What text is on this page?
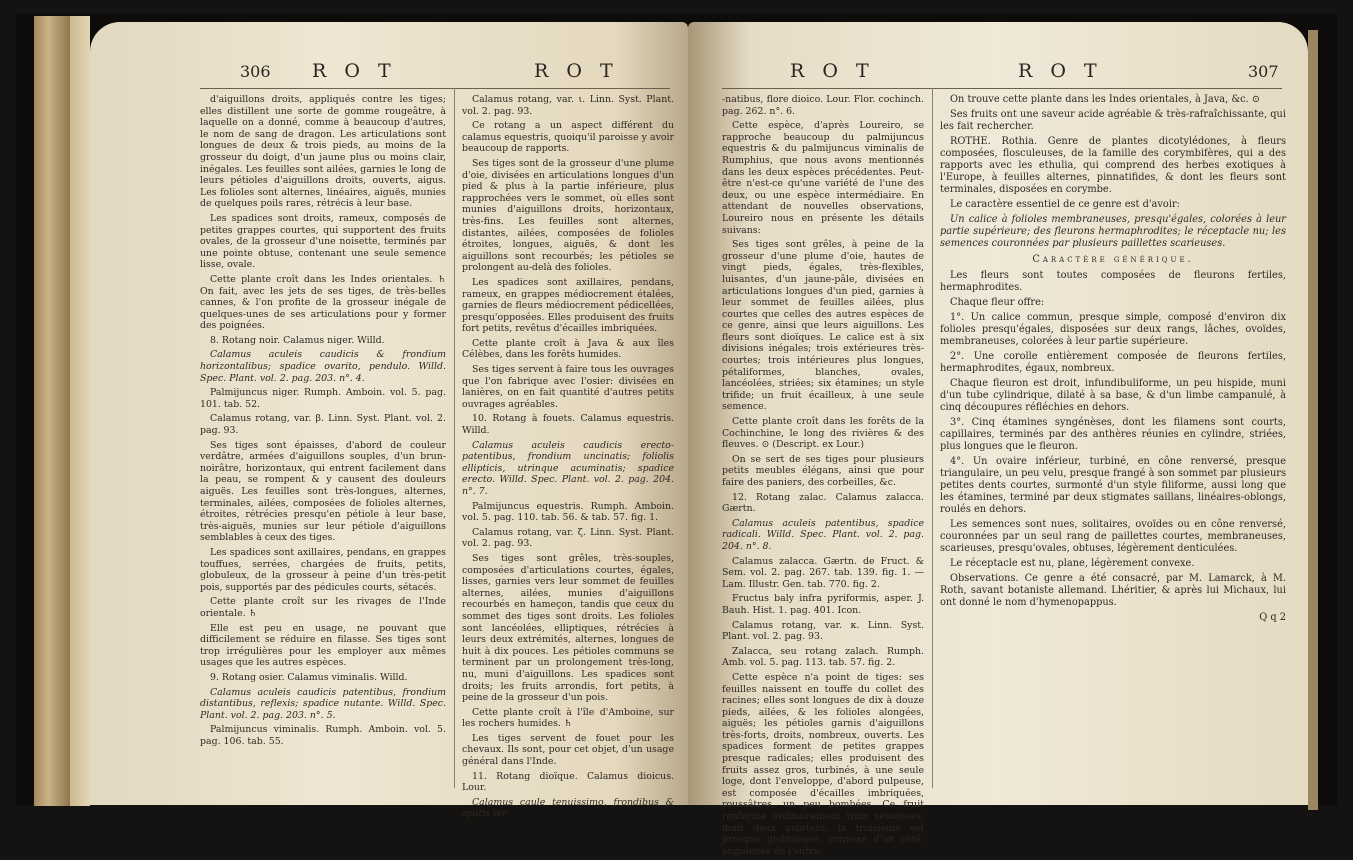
306 R O T	R O T

d'aiguillons droits, appliqués contre les tiges; elles distillent une sorte de gomme rougeâtre, à laquelle on a donné, comme à beaucoup d'autres, le nom de sang de dragon. Les articulations sont longues de deux & trois pieds, au moins de la grosseur du doigt, d'un jaune plus ou moins clair, inégales. Les feuilles sont ailées, garnies le long de leurs pétioles d'aiguillons droits, ouverts, aigus. Les folioles sont alternes, linéaires, aiguës, munies de quelques poils rares, rétrécis à leur base.

Les spadices sont droits, rameux, composés de petites grappes courtes, qui supportent des fruits ovales, de la grosseur d'une noisette, terminés par une pointe obtuse, contenant une seule semence lisse, ovale.

Cette plante croît dans les Indes orientales. ♄ On fait, avec les jets de ses tiges, de très-belles cannes, & l'on profite de la grosseur inégale de quelques-unes de ses articulations pour y former des poignées.

8. Rotang noir. Calamus niger. Willd.

Calamus aculeis caudicis & frondium horizontalibus; spadice ovarito, pendulo. Willd. Spec. Plant. vol. 2. pag. 203. n°. 4.

Palmijuncus niger. Rumph. Amboin. vol. 5. pag. 101. tab. 52.

Calamus rotang, var. β. Linn. Syst. Plant. vol. 2. pag. 93.

Ses tiges sont épaisses, d'abord de couleur verdâtre, armées d'aiguillons souples, d'un brun-noirâtre, horizontaux, qui entrent facilement dans la peau, se rompent & y causent des douleurs aiguës. Les feuilles sont très-longues, alternes, terminales, ailées, composées de folioles alternes, étroites, rétrécies presqu'en pétiole à leur base, très-aiguës, munies sur leur pétiole d'aiguillons semblables à ceux des tiges.

Les spadices sont axillaires, pendans, en grappes touffues, serrées, chargées de fruits, petits, globuleux, de la grosseur à peine d'un très-petit pois, supportés par des pédicules courts, sétacés.

Cette plante croît sur les rivages de l'Inde orientale. ♄

Elle est peu en usage, ne pouvant que difficilement se réduire en filasse. Ses tiges sont trop irrégulières pour les employer aux mêmes usages que les autres espèces.

9. Rotang osier. Calamus viminalis. Willd.

Calamus aculeis caudicis patentibus, frondium distantibus, reflexis; spadice nutante. Willd. Spec. Plant. vol. 2. pag. 203. n°. 5.

Palmijuncus viminalis. Rumph. Amboin. vol. 5. pag. 106. tab. 55.

Calamus rotang, var. ι. Linn. Syst. Plant. vol. 2. pag. 93.

Ce rotang a un aspect différent du calamus equestris, quoiqu'il paroisse y avoir beaucoup de rapports.

Ses tiges sont de la grosseur d'une plume d'oie, divisées en articulations longues d'un pied & plus à la partie inférieure, plus rapprochées vers le sommet, où elles sont munies d'aiguillons droits, horizontaux, très-fins. Les feuilles sont alternes, distantes, ailées, composées de folioles étroites, longues, aiguës, & dont les aiguillons sont recourbés; les pétioles se prolongent au-delà des folioles.

Les spadices sont axillaires, pendans, rameux, en grappes médiocrement étalées, garnies de fleurs médiocrement pédicellées, presqu'opposées. Elles produisent des fruits fort petits, revêtus d'écailles imbriquées.

Cette plante croît à Java & aux îles Célèbes, dans les forêts humides.

Ses tiges servent à faire tous les ouvrages que l'on fabrique avec l'osier: divisées en lanières, on en fait quantité d'autres petits ouvrages agréables.

10. Rotang à fouets. Calamus equestris. Willd.

Calamus aculeis caudicis erecto-patentibus, frondium uncinatis; foliolis ellipticis, utrinque acuminatis; spadice erecto. Willd. Spec. Plant. vol. 2. pag. 204. n°. 7.

Palmijuncus equestris. Rumph. Amboin. vol. 5. pag. 110. tab. 56. & tab. 57. fig. 1.

Calamus rotang, var. ζ. Linn. Syst. Plant. vol. 2. pag. 93.

Ses tiges sont grêles, très-souples, composées d'articulations courtes, égales, lisses, garnies vers leur sommet de feuilles alternes, ailées, munies d'aiguillons recourbés en hameçon, tandis que ceux du sommet des tiges sont droits. Les folioles sont lancéolées, elliptiques, rétrécies à leurs deux extrémités, alternes, longues de huit à dix pouces. Les pétioles communs se terminent par un prolongement très-long, nu, muni d'aiguillons. Les spadices sont droits; les fruits arrondis, fort petits, à peine de la grosseur d'un pois.

Cette plante croît à l'île d'Amboine, sur les rochers humides. ♄

Les tiges servent de fouet pour les chevaux. Ils sont, pour cet objet, d'un usage général dans l'Inde.

11. Rotang dioïque. Calamus dioicus. Lour.

Calamus caule tenuissimo, frondibus & spatis ter-

R O T	R O T	307

-natibus, flore dioico. Lour. Flor. cochinch. pag. 262. n°. 6.

Cette espèce, d'après Loureiro, se rapproche beaucoup du palmijuncus equestris & du palmijuncus viminalis de Rumphius, que nous avons mentionnés dans les deux espèces précédentes. Peut-être n'est-ce qu'une variété de l'une des deux, ou une espèce intermédiaire. En attendant de nouvelles observations, Loureiro nous en présente les détails suivans:

Ses tiges sont grêles, à peine de la grosseur d'une plume d'oie, hautes de vingt pieds, égales, très-flexibles, luisantes, d'un jaune-pâle, divisées en articulations longues d'un pied, garnies à leur sommet de feuilles ailées, plus courtes que celles des autres espèces de ce genre, ainsi que leurs aiguillons. Les fleurs sont dioïques. Le calice est à six divisions inégales; trois extérieures très-courtes; trois intérieures plus longues, pétaliformes, blanches, ovales, lancéolées, striées; six étamines; un style trifide; un fruit écailleux, à une seule semence.

Cette plante croît dans les forêts de la Cochinchine, le long des rivières & des fleuves. ⊙ (Descript. ex Lour.)

On se sert de ses tiges pour plusieurs petits meubles élégans, ainsi que pour faire des paniers, des corbeilles, &c.

12. Rotang zalac. Calamus zalacca. Gærtn.

Calamus aculeis patentibus, spadice radicali. Willd. Spec. Plant. vol. 2. pag. 204. n°. 8.

Calamus zalacca. Gærtn. de Fruct. & Sem. vol. 2. pag. 267. tab. 139. fig. 1. — Lam. Illustr. Gen. tab. 770. fig. 2.

Fructus baly infra pyriformis, asper. J. Bauh. Hist. 1. pag. 401. Icon.

Calamus rotang, var. κ. Linn. Syst. Plant. vol. 2. pag. 93.

Zalacca, seu rotang zalach. Rumph. Amb. vol. 5. pag. 113. tab. 57. fig. 2.

Cette espèce n'a point de tiges: ses feuilles naissent en touffe du collet des racines; elles sont longues de dix à douze pieds, ailées, & les folioles alongées, aiguës; les pétioles garnis d'aiguillons très-forts, droits, nombreux, ouverts. Les spadices forment de petites grappes presque radicales; elles produisent des fruits assez gros, turbinés, à une seule loge, dont l'enveloppe, d'abord pulpeuse, est composée d'écailles imbriquées, roussâtres, un peu bombées. Ce fruit renferme ordinairement trois semences, dont deux avortent; la troisième est presque globuleuse, convexe d'un côté, anguleuse de l'autre.

On trouve cette plante dans les Indes orientales, à Java, &c. ⊙

Ses fruits ont une saveur acide agréable & très-rafraîchissante, qui les fait rechercher.

ROTHE. Rothia. Genre de plantes dicotylédones, à fleurs composées, flosculeuses, de la famille des corymbifères, qui a des rapports avec les ethulia, qui comprend des herbes exotiques à l'Europe, à feuilles alternes, pinnatifides, & dont les fleurs sont terminales, disposées en corymbe.

Le caractère essentiel de ce genre est d'avoir:

Un calice à folioles membraneuses, presqu'égales, colorées à leur partie supérieure; des fleurons hermaphrodites; le réceptacle nu; les semences couronnées par plusieurs paillettes scarieuses.

Caractère générique.

Les fleurs sont toutes composées de fleurons fertiles, hermaphrodites.

Chaque fleur offre:

1°. Un calice commun, presque simple, composé d'environ dix folioles presqu'égales, disposées sur deux rangs, lâches, ovoïdes, membraneuses, colorées à leur partie supérieure.

2°. Une corolle entièrement composée de fleurons fertiles, hermaphrodites, égaux, nombreux.

Chaque fleuron est droit, infundibuliforme, un peu hispide, muni d'un tube cylindrique, dilaté à sa base, & d'un limbe campanulé, à cinq découpures réfléchies en dehors.

3°. Cinq étamines syngénèses, dont les filamens sont courts, capillaires, terminés par des anthères réunies en cylindre, striées, plus longues que le fleuron.

4°. Un ovaire inférieur, turbiné, en cône renversé, presque triangulaire, un peu velu, presque frangé à son sommet par plusieurs petites dents courtes, surmonté d'un style filiforme, aussi long que les étamines, terminé par deux stigmates saillans, linéaires-oblongs, roulés en dehors.

Les semences sont nues, solitaires, ovoïdes ou en cône renversé, couronnées par un seul rang de paillettes courtes, membraneuses, scarieuses, presqu'ovales, obtuses, légèrement denticulées.

Le réceptacle est nu, plane, légèrement convexe.

Observations. Ce genre a été consacré, par M. Lamarck, à M. Roth, savant botaniste allemand. Lhéritier, & après lui Michaux, lui ont donné le nom d'hymenopappus.

Q q 2
